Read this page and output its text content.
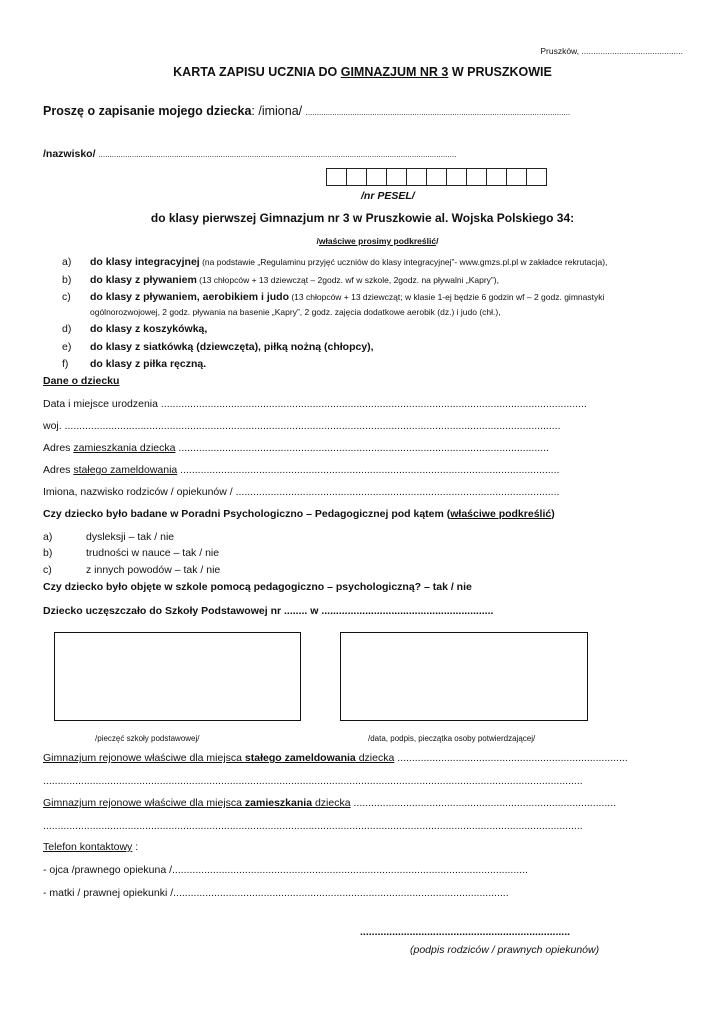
Pruszków, ...........................................
KARTA ZAPISU UCZNIA DO GIMNAZJUM NR 3 W PRUSZKOWIE
Proszę o zapisanie mojego dziecka: /imiona/ .......................................................................................................................
/nazwisko/ .................................................................................................................................................................
/nr PESEL/
do klasy pierwszej Gimnazjum nr 3 w Pruszkowie al. Wojska Polskiego 34:
/właściwe prosimy podkreślić/
a) do klasy integracyjnej (na podstawie „Regulaminu przyjęć uczniów do klasy integracyjnej”- www.gmzs.pl.pl w zakładce rekrutacja),
b) do klasy z pływaniem (13 chłopców + 13 dziewcząt – 2godz. wf w szkole, 2godz. na pływalni „Kapry”),
c) do klasy z pływaniem, aerobikiem i judo (13 chłopców + 13 dziewcząt; w klasie 1-ej będzie 6 godzin wf – 2 godz. gimnastyki
ogólnorozwojowej, 2 godz. pływania na basenie „Kapry”, 2 godz. zajęcia dodatkowe aerobik (dz.) i judo (chł.),
d) do klasy z koszykówką,
e) do klasy z siatkówką (dziewczęta), piłką nożną (chłopcy),
f) do klasy z piłka ręczną.
Dane o dziecku
Data i miejsce urodzenia ..................................................................................................................................................
woj. ..........................................................................................................................................................................
Adres zamieszkania dziecka ...............................................................................................................................
Adres stałego zameldowania ..................................................................................................................................
Imiona, nazwisko rodziców / opiekunów / ...............................................................................................................
Czy dziecko było badane w Poradni Psychologiczno – Pedagogicznej pod kątem (właściwe podkreślić)
a)	dysleksji – tak / nie
b)	trudności w nauce – tak / nie
c)	z innych powodów – tak / nie
Czy dziecko było objęte w szkole pomocą pedagogiczno – psychologiczną? – tak / nie
Dziecko uczęszczało do Szkoły Podstawowej nr ........ w ...........................................................
/pieczęć szkoły podstawowej/	/data, podpis, pieczątka osoby potwierdzającej/
Gimnazjum rejonowe właściwe dla miejsca stałego zameldowania dziecka ...............................................................................
.........................................................................................................................................................................................
Gimnazjum rejonowe właściwe dla miejsca zamieszkania dziecka ..........................................................................................
.........................................................................................................................................................................................
Telefon kontaktowy :
- ojca /prawnego opiekuna /..........................................................................................................................
- matki / prawnej opiekunki /...................................................................................................................
........................................................................
(podpis rodziców / prawnych opiekunów)
